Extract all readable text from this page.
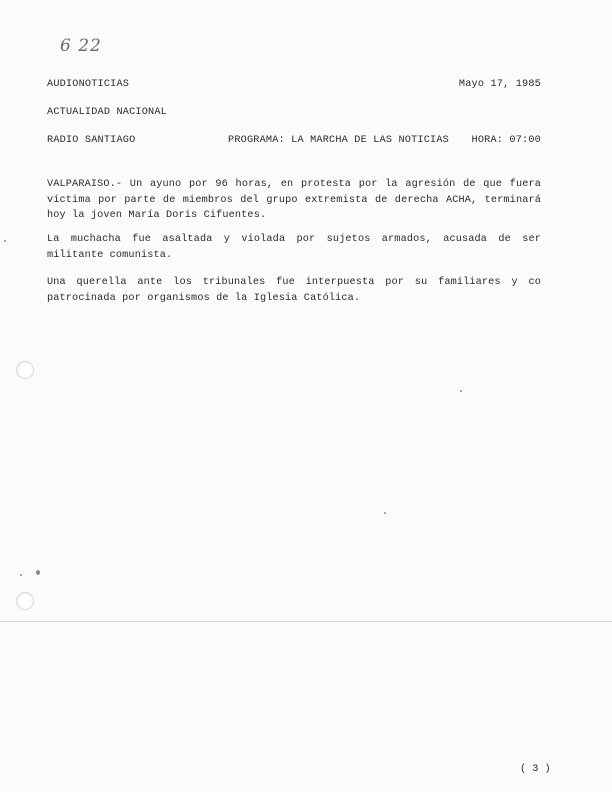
6 22
AUDIONOTICIAS	Mayo 17, 1985
ACTUALIDAD NACIONAL
RADIO SANTIAGO	PROGRAMA: LA MARCHA DE LAS NOTICIAS HORA: 07:00
VALPARAISO.- Un ayuno por 96 horas, en protesta por la agresión de que fuera víctima por parte de miembros del grupo extremista de derecha ACHA, terminará hoy la joven María Doris Cifuentes.
La muchacha fue asaltada y violada por sujetos armados, acusada de ser militante comunista.
Una querella ante los tribunales fue interpuesta por su familiares y co patrocinada por organismos de la Iglesia Católica.
( 3 )
